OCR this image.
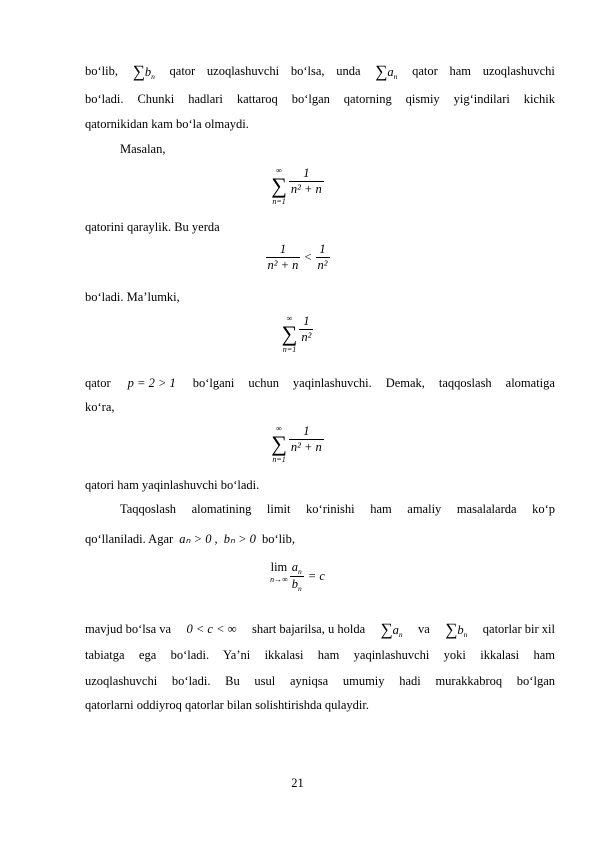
bo‘lib, $\sum b_n$ qator uzoqlashuvchi bo‘lsa, unda $\sum a_n$ qator ham uzoqlashuvchi
bo‘ladi. Chunki hadlari kattaroq bo‘lgan qatorning qismiy yig‘indilari kichik
qatornikidan kam bo‘la olmaydi.
Masalan,
∞
∑
$n=1 \frac{1}{\text{n² + n}}$
qatorini qaraylik. Bu yerda
$\frac{1}{\text{n² + n}} < \frac{1}{\text{n²}}$
bo‘ladi. Ma’lumki,
∞
∑
$n=1 \frac{1}{\text{n²}}$
qator p = 2 > 1 bo‘lgani uchun yaqinlashuvchi. Demak, taqqoslash alomatiga
ko‘ra,
∞
∑
$n=1 \frac{1}{\text{n² + n}}$
qatori ham yaqinlashuvchi bo‘ladi.
Taqqoslash alomatining limit ko‘rinishi ham amaliy masalalarda ko‘p
qo‘llaniladi. Agar aₙ > 0 , bₙ > 0 bo‘lib,
lim
$n\to\infty \frac{a_n}{b_n} = c$
mavjud bo‘lsa va 0 < c < ∞ shart bajarilsa, u holda $\sum a_n$ va $\sum b_n$ qatorlar bir xil
tabiatga ega bo‘ladi. Ya’ni ikkalasi ham yaqinlashuvchi yoki ikkalasi ham
uzoqlashuvchi bo‘ladi. Bu usul ayniqsa umumiy hadi murakkabroq bo‘lgan
qatorlarni oddiyroq qatorlar bilan solishtirishda qulaydir.
21
